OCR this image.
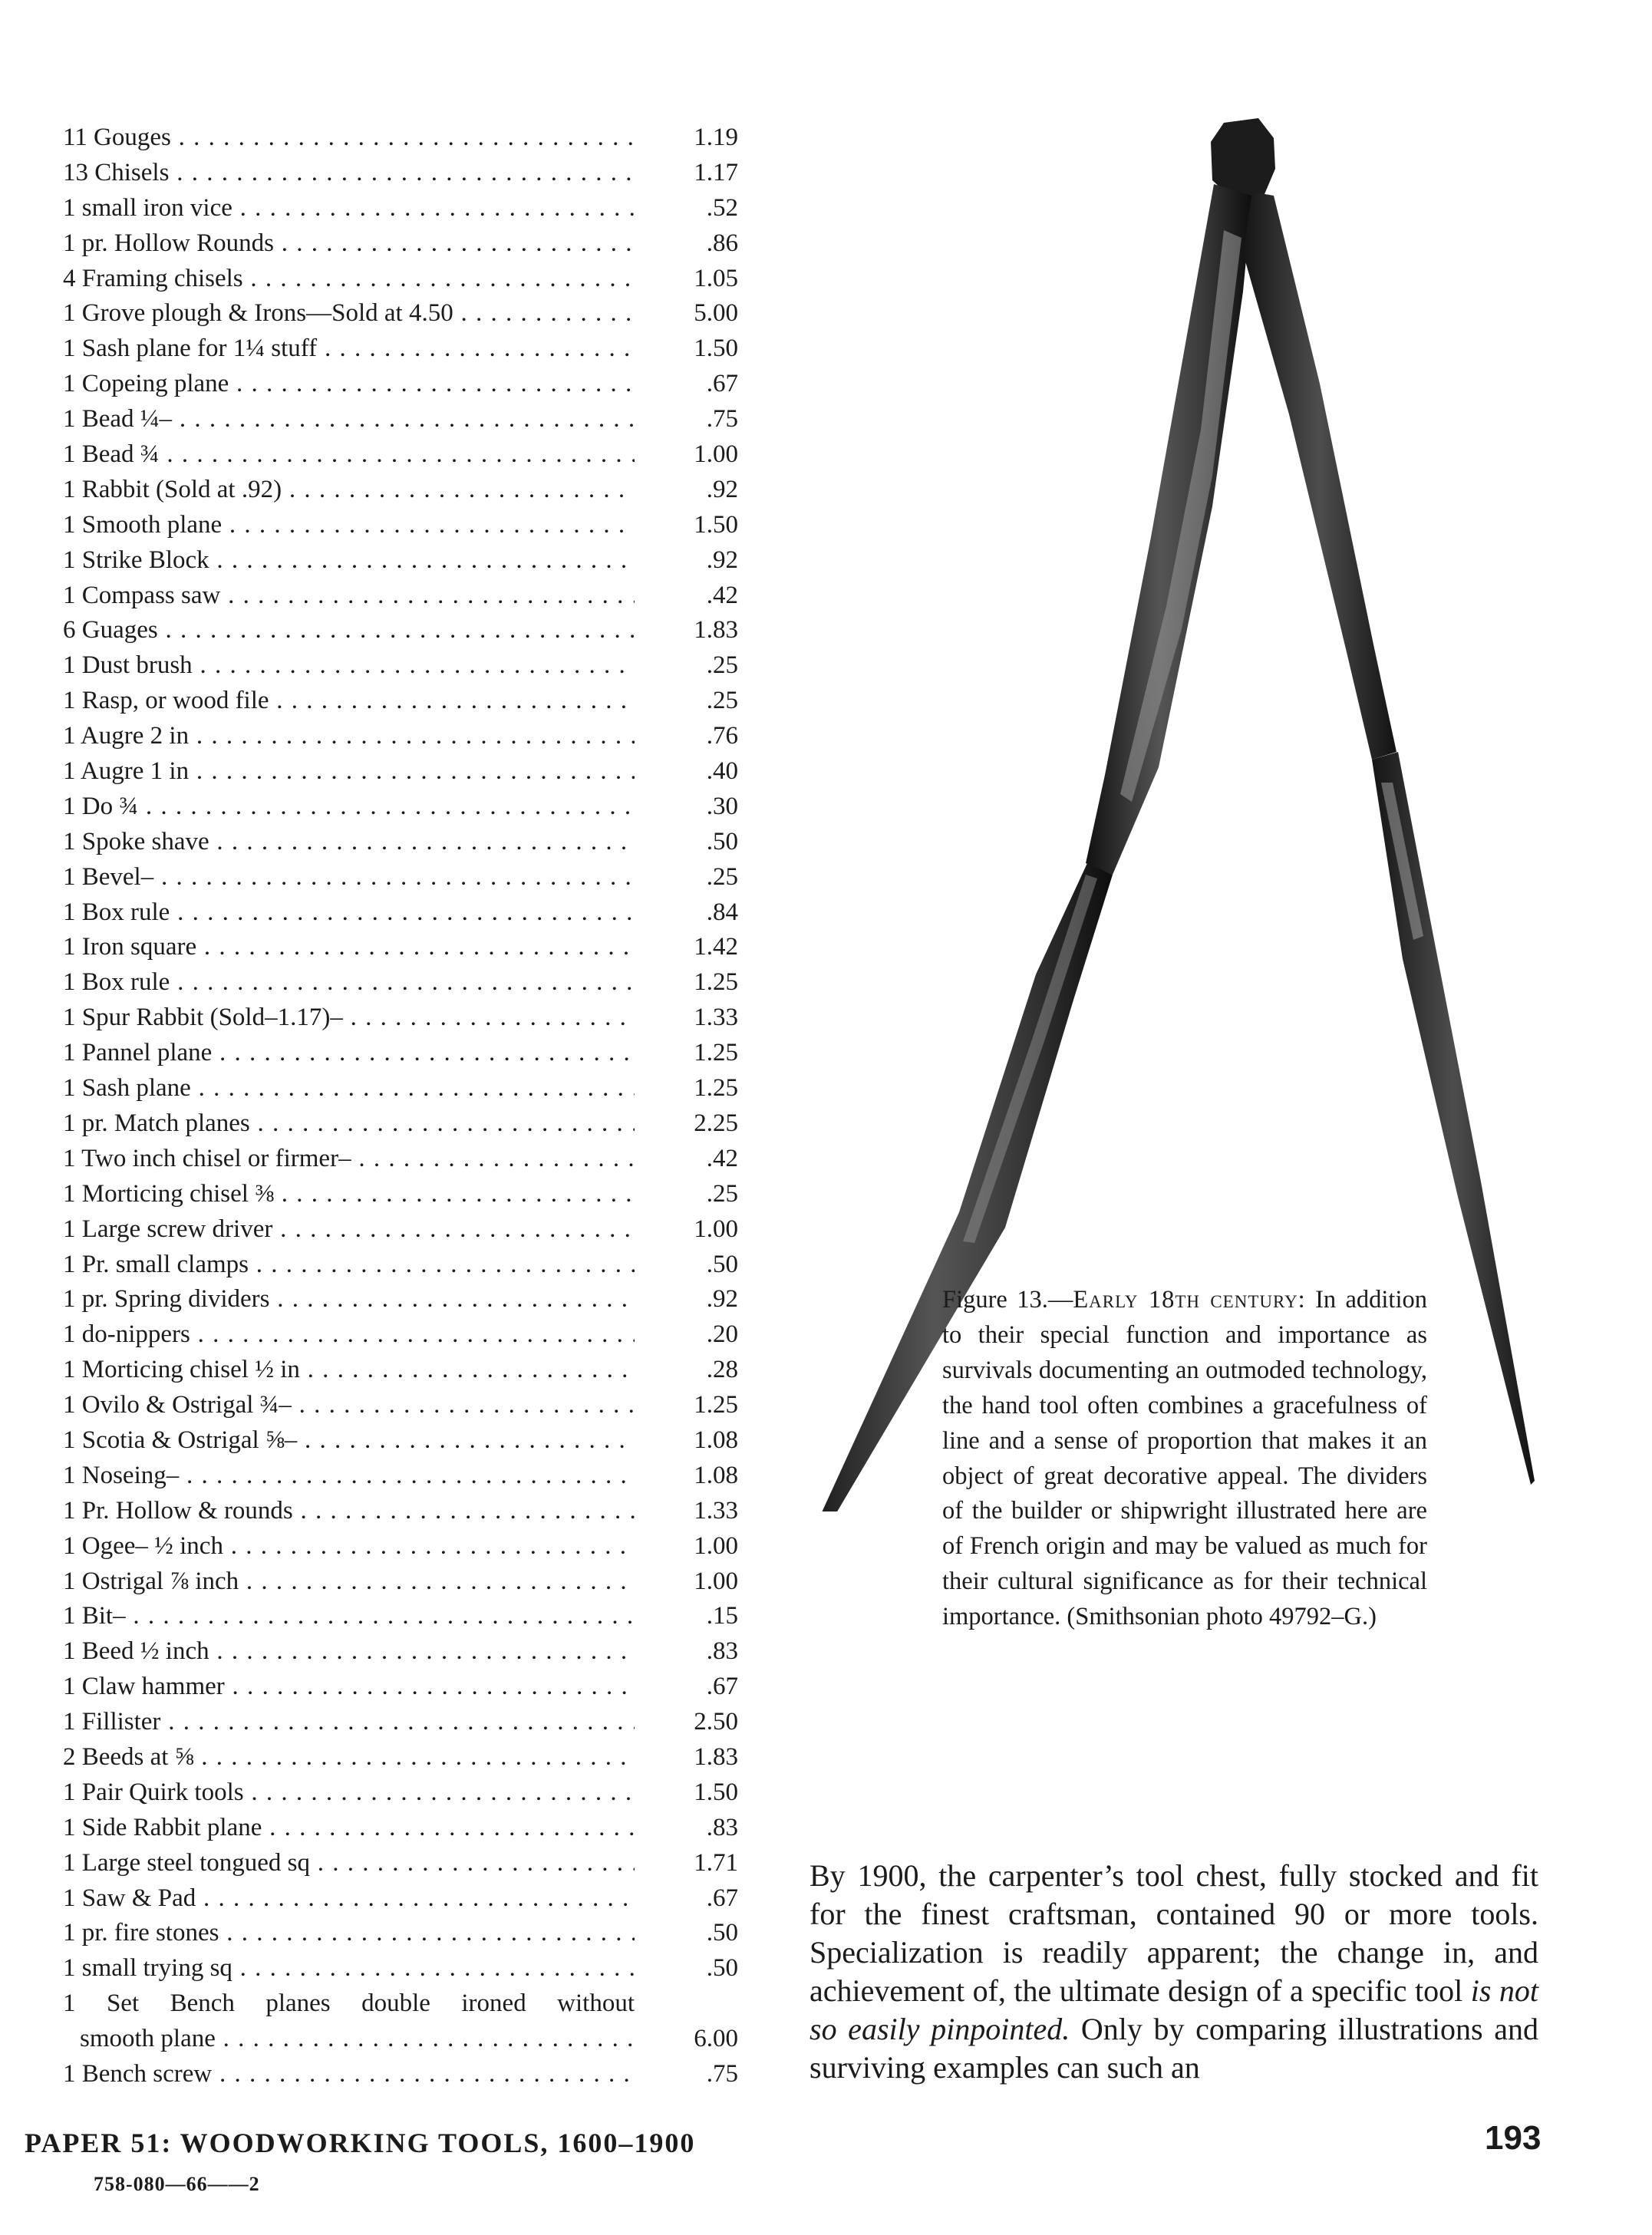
11 Gouges . . .	1.19
13 Chisels . . .	1.17
1 small iron vice . . .	.52
1 pr. Hollow Rounds . . .	.86
4 Framing chisels . . .	1.05
1 Grove plough & Irons—Sold at 4.50 . . .	5.00
1 Sash plane for 1¼ stuff . . .	1.50
1 Copeing plane . . .	.67
1 Bead ¼– . . .	.75
1 Bead ¾ . . .	1.00
1 Rabbit (Sold at .92) . . .	.92
1 Smooth plane . . .	1.50
1 Strike Block . . .	.92
1 Compass saw . . .	.42
6 Guages . . .	1.83
1 Dust brush . . .	.25
1 Rasp, or wood file . . .	.25
1 Augre 2 in . . .	.76
1 Augre 1 in . . .	.40
1 Do ¾ . . .	.30
1 Spoke shave . . .	.50
1 Bevel– . . .	.25
1 Box rule . . .	.84
1 Iron square . . .	1.42
1 Box rule . . .	1.25
1 Spur Rabbit (Sold–1.17)– . . .	1.33
1 Pannel plane . . .	1.25
1 Sash plane . . .	1.25
1 pr. Match planes . . .	2.25
1 Two inch chisel or firmer– . . .	.42
1 Morticing chisel ⅜ . . .	.25
1 Large screw driver . . .	1.00
1 Pr. small clamps . . .	.50
1 pr. Spring dividers . . .	.92
1 do-nippers . . .	.20
1 Morticing chisel ½ in . . .	.28
1 Ovilo & Ostrigal ¾– . . .	1.25
1 Scotia & Ostrigal ⅝– . . .	1.08
1 Noseing– . . .	1.08
1 Pr. Hollow & rounds . . .	1.33
1 Ogee– ½ inch . . .	1.00
1 Ostrigal ⅞ inch . . .	1.00
1 Bit– . . .	.15
1 Beed ½ inch . . .	.83
1 Claw hammer . . .	.67
1 Fillister . . .	2.50
2 Beeds at ⅝ . . .	1.83
1 Pair Quirk tools . . .	1.50
1 Side Rabbit plane . . .	.83
1 Large steel tongued sq . . .	1.71
1 Saw & Pad . . .	.67
1 pr. fire stones . . .	.50
1 small trying sq . . .	.50
1 Set Bench planes double ironed without
smooth plane . . .	6.00
1 Bench screw . . .	.75
Figure 13.—Early 18th century: In addition to their special function and importance as survivals documenting an outmoded technology, the hand tool often combines a gracefulness of line and a sense of proportion that makes it an object of great decorative appeal. The dividers of the builder or shipwright illustrated here are of French origin and may be valued as much for their cultural significance as for their technical importance. (Smithsonian photo 49792–G.)
By 1900, the carpenter’s tool chest, fully stocked and fit for the finest craftsman, contained 90 or more tools. Specialization is readily apparent; the change in, and achievement of, the ultimate design of a specific tool is not so easily pinpointed. Only by comparing illustrations and surviving examples can such an
PAPER 51: WOODWORKING TOOLS, 1600–1900	193
758-080—66——2
